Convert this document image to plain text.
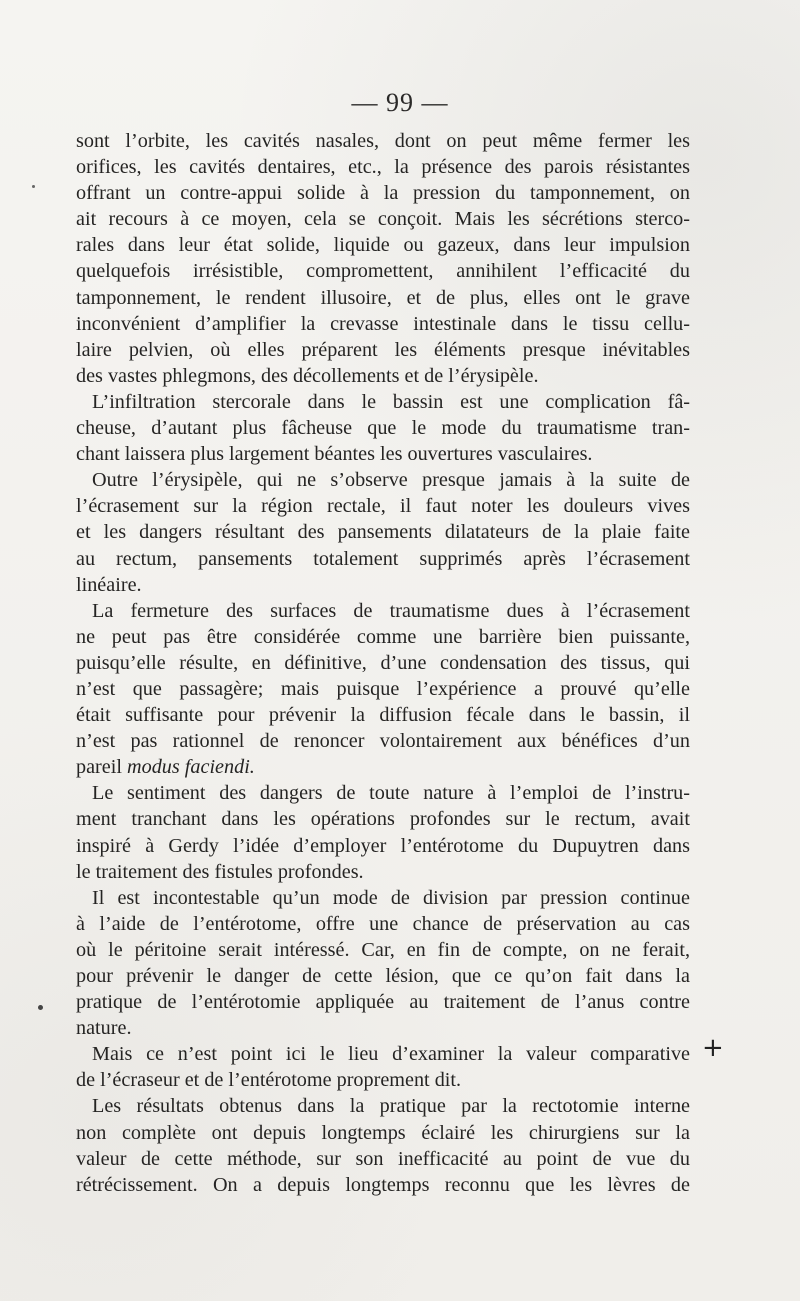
— 99 —
sont l’orbite, les cavités nasales, dont on peut même fermer les
orifices, les cavités dentaires, etc., la présence des parois résistantes
offrant un contre-appui solide à la pression du tamponnement, on
ait recours à ce moyen, cela se conçoit. Mais les sécrétions sterco-
rales dans leur état solide, liquide ou gazeux, dans leur impulsion
quelquefois irrésistible, compromettent, annihilent l’efficacité du
tamponnement, le rendent illusoire, et de plus, elles ont le grave
inconvénient d’amplifier la crevasse intestinale dans le tissu cellu-
laire pelvien, où elles préparent les éléments presque inévitables
des vastes phlegmons, des décollements et de l’érysipèle.
L’infiltration stercorale dans le bassin est une complication fâ-
cheuse, d’autant plus fâcheuse que le mode du traumatisme tran-
chant laissera plus largement béantes les ouvertures vasculaires.
Outre l’érysipèle, qui ne s’observe presque jamais à la suite de
l’écrasement sur la région rectale, il faut noter les douleurs vives
et les dangers résultant des pansements dilatateurs de la plaie faite
au rectum, pansements totalement supprimés après l’écrasement
linéaire.
La fermeture des surfaces de traumatisme dues à l’écrasement
ne peut pas être considérée comme une barrière bien puissante,
puisqu’elle résulte, en définitive, d’une condensation des tissus, qui
n’est que passagère; mais puisque l’expérience a prouvé qu’elle
était suffisante pour prévenir la diffusion fécale dans le bassin, il
n’est pas rationnel de renoncer volontairement aux bénéfices d’un
pareil modus faciendi.
Le sentiment des dangers de toute nature à l’emploi de l’instru-
ment tranchant dans les opérations profondes sur le rectum, avait
inspiré à Gerdy l’idée d’employer l’entérotome du Dupuytren dans
le traitement des fistules profondes.
Il est incontestable qu’un mode de division par pression continue
à l’aide de l’entérotome, offre une chance de préservation au cas
où le péritoine serait intéressé. Car, en fin de compte, on ne ferait,
pour prévenir le danger de cette lésion, que ce qu’on fait dans la
pratique de l’entérotomie appliquée au traitement de l’anus contre
nature.
Mais ce n’est point ici le lieu d’examiner la valeur comparative
de l’écraseur et de l’entérotome proprement dit.
Les résultats obtenus dans la pratique par la rectotomie interne
non complète ont depuis longtemps éclairé les chirurgiens sur la
valeur de cette méthode, sur son inefficacité au point de vue du
rétrécissement. On a depuis longtemps reconnu que les lèvres de
+
